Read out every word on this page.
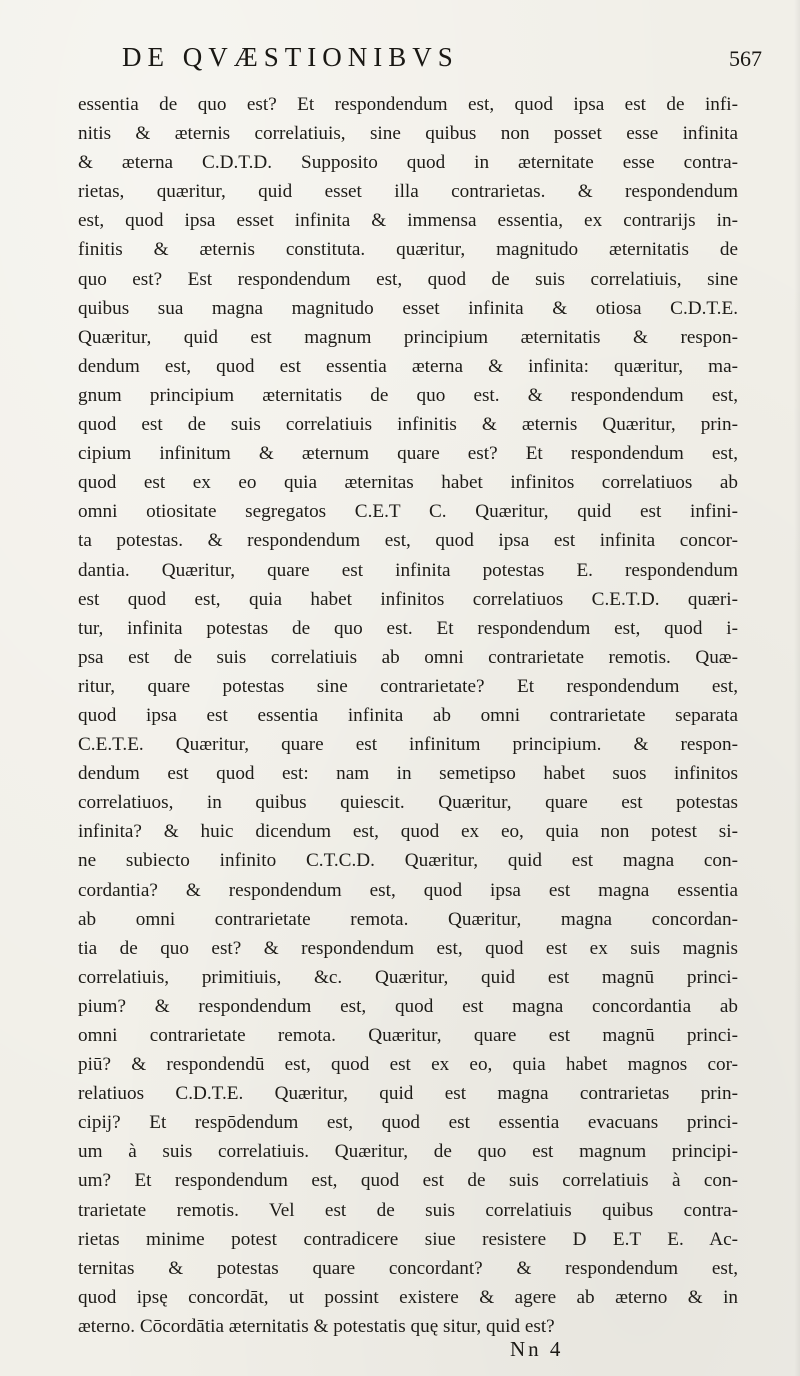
DE QVÆSTIONIBVS	567
essentia de quo est? Et respondendum est, quod ipsa est de infi-
nitis & æternis correlatiuis, sine quibus non posset esse infinita
& æterna C.D.T.D. Supposito quod in æternitate esse contra-
rietas, quæritur, quid esset illa contrarietas. & respondendum
est, quod ipsa esset infinita & immensa essentia, ex contrarijs in-
finitis & æternis constituta. quæritur, magnitudo æternitatis de
quo est? Est respondendum est, quod de suis correlatiuis, sine
quibus sua magna magnitudo esset infinita & otiosa C.D.T.E.
Quæritur, quid est magnum principium æternitatis & respon-
dendum est, quod est essentia æterna & infinita: quæritur, ma-
gnum principium æternitatis de quo est. & respondendum est,
quod est de suis correlatiuis infinitis & æternis Quæritur, prin-
cipium infinitum & æternum quare est? Et respondendum est,
quod est ex eo quia æternitas habet infinitos correlatiuos ab
omni otiositate segregatos C.E.T C. Quæritur, quid est infini-
ta potestas. & respondendum est, quod ipsa est infinita concor-
dantia. Quæritur, quare est infinita potestas E. respondendum
est quod est, quia habet infinitos correlatiuos C.E.T.D. quæri-
tur, infinita potestas de quo est. Et respondendum est, quod i-
psa est de suis correlatiuis ab omni contrarietate remotis. Quæ-
ritur, quare potestas sine contrarietate? Et respondendum est,
quod ipsa est essentia infinita ab omni contrarietate separata
C.E.T.E. Quæritur, quare est infinitum principium. & respon-
dendum est quod est: nam in semetipso habet suos infinitos
correlatiuos, in quibus quiescit. Quæritur, quare est potestas
infinita? & huic dicendum est, quod ex eo, quia non potest si-
ne subiecto infinito C.T.C.D. Quæritur, quid est magna con-
cordantia? & respondendum est, quod ipsa est magna essentia
ab omni contrarietate remota. Quæritur, magna concordan-
tia de quo est? & respondendum est, quod est ex suis magnis
correlatiuis, primitiuis, &c. Quæritur, quid est magnū princi-
pium? & respondendum est, quod est magna concordantia ab
omni contrarietate remota. Quæritur, quare est magnū princi-
piū? & respondendū est, quod est ex eo, quia habet magnos cor-
relatiuos C.D.T.E. Quæritur, quid est magna contrarietas prin-
cipij? Et respōdendum est, quod est essentia evacuans princi-
um à suis correlatiuis. Quæritur, de quo est magnum principi-
um? Et respondendum est, quod est de suis correlatiuis à con-
trarietate remotis. Vel est de suis correlatiuis quibus contra-
rietas minime potest contradicere siue resistere D E.T E. Ac-
ternitas & potestas quare concordant? & respondendum est,
quod ipsę concordāt, ut possint existere & agere ab æterno & in
æterno. Cōcordātia æternitatis & potestatis quę situr, quid est?
Nn 4
